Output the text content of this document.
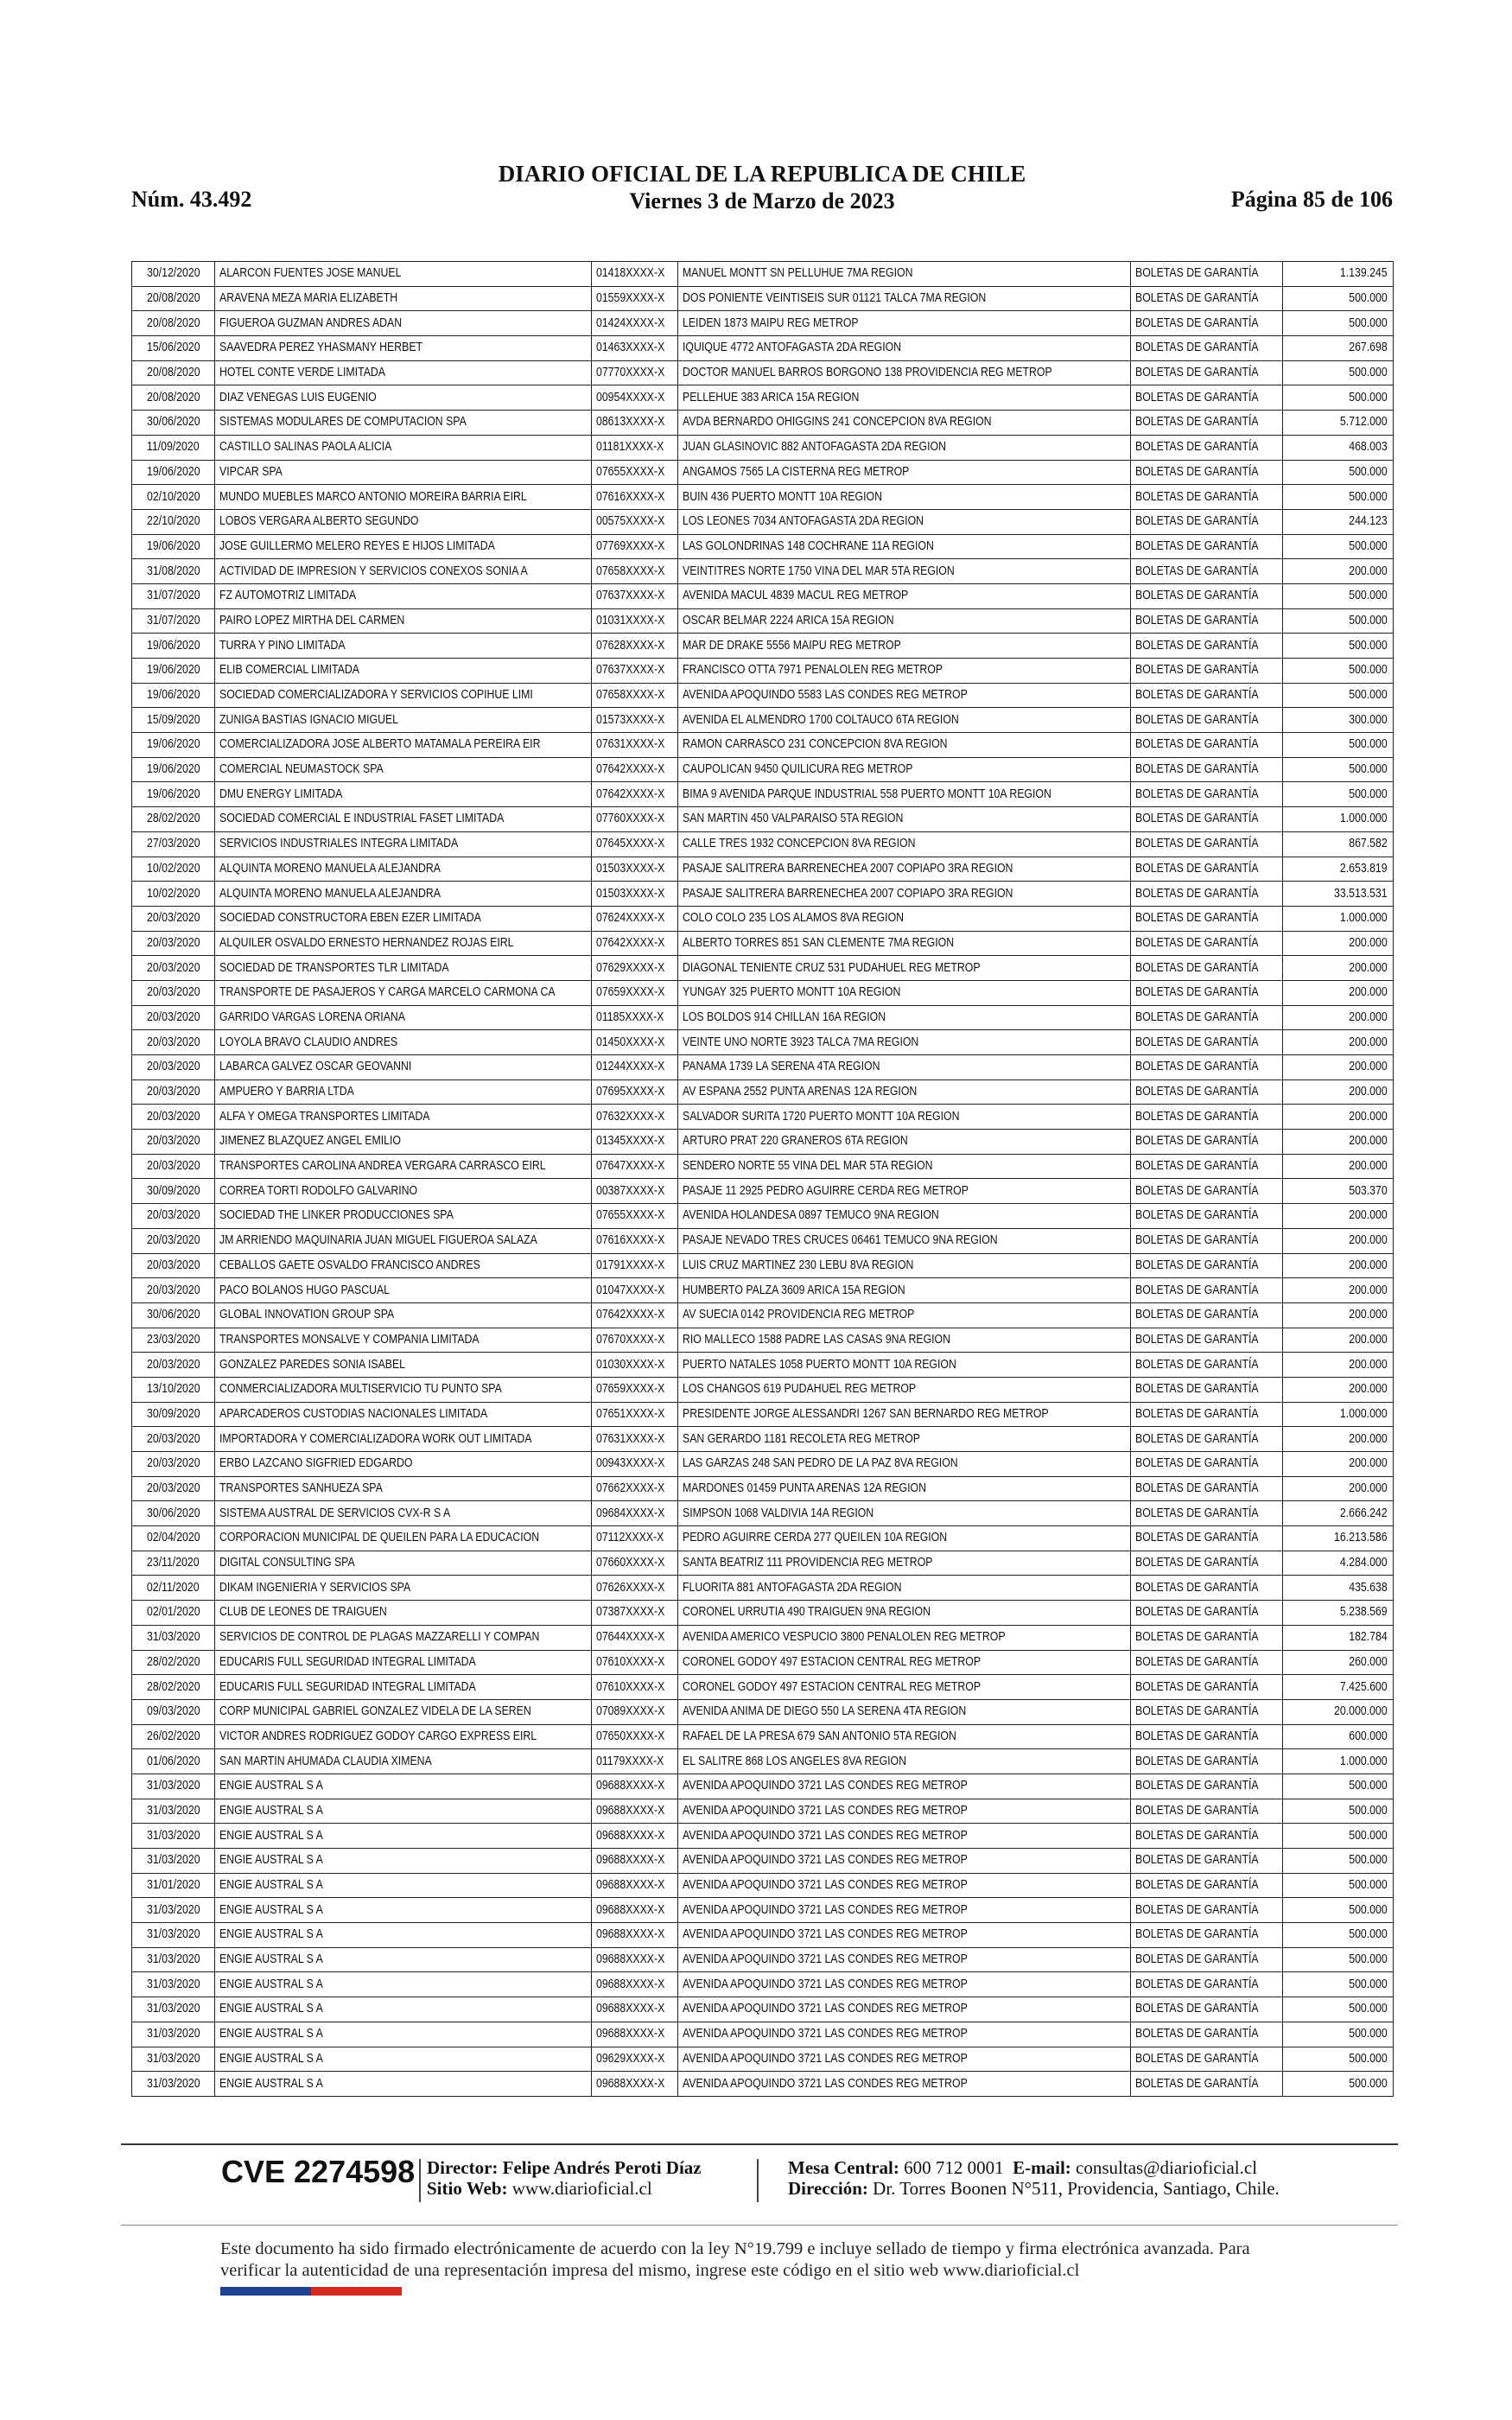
Núm. 43.492
DIARIO OFICIAL DE LA REPUBLICA DE CHILE
Viernes 3 de Marzo de 2023	Página 85 de 106
30/12/2020	ALARCON FUENTES JOSE MANUEL	01418XXXX-X	MANUEL MONTT SN PELLUHUE 7MA REGION	BOLETAS DE GARANTÍA	1.139.245
20/08/2020	ARAVENA MEZA MARIA ELIZABETH	01559XXXX-X	DOS PONIENTE VEINTISEIS SUR 01121 TALCA 7MA REGION	BOLETAS DE GARANTÍA	500.000
20/08/2020	FIGUEROA GUZMAN ANDRES ADAN	01424XXXX-X	LEIDEN 1873 MAIPU REG METROP	BOLETAS DE GARANTÍA	500.000
15/06/2020	SAAVEDRA PEREZ YHASMANY HERBET	01463XXXX-X	IQUIQUE 4772 ANTOFAGASTA 2DA REGION	BOLETAS DE GARANTÍA	267.698
20/08/2020	HOTEL CONTE VERDE LIMITADA	07770XXXX-X	DOCTOR MANUEL BARROS BORGONO 138 PROVIDENCIA REG METROP	BOLETAS DE GARANTÍA	500.000
20/08/2020	DIAZ VENEGAS LUIS EUGENIO	00954XXXX-X	PELLEHUE 383 ARICA 15A REGION	BOLETAS DE GARANTÍA	500.000
30/06/2020	SISTEMAS MODULARES DE COMPUTACION SPA	08613XXXX-X	AVDA BERNARDO OHIGGINS 241 CONCEPCION 8VA REGION	BOLETAS DE GARANTÍA	5.712.000
11/09/2020	CASTILLO SALINAS PAOLA ALICIA	01181XXXX-X	JUAN GLASINOVIC 882 ANTOFAGASTA 2DA REGION	BOLETAS DE GARANTÍA	468.003
19/06/2020	VIPCAR SPA	07655XXXX-X	ANGAMOS 7565 LA CISTERNA REG METROP	BOLETAS DE GARANTÍA	500.000
02/10/2020	MUNDO MUEBLES MARCO ANTONIO MOREIRA BARRIA EIRL	07616XXXX-X	BUIN 436 PUERTO MONTT 10A REGION	BOLETAS DE GARANTÍA	500.000
22/10/2020	LOBOS VERGARA ALBERTO SEGUNDO	00575XXXX-X	LOS LEONES 7034 ANTOFAGASTA 2DA REGION	BOLETAS DE GARANTÍA	244.123
19/06/2020	JOSE GUILLERMO MELERO REYES E HIJOS LIMITADA	07769XXXX-X	LAS GOLONDRINAS 148 COCHRANE 11A REGION	BOLETAS DE GARANTÍA	500.000
31/08/2020	ACTIVIDAD DE IMPRESION Y SERVICIOS CONEXOS SONIA A	07658XXXX-X	VEINTITRES NORTE 1750 VINA DEL MAR 5TA REGION	BOLETAS DE GARANTÍA	200.000
31/07/2020	FZ AUTOMOTRIZ LIMITADA	07637XXXX-X	AVENIDA MACUL 4839 MACUL REG METROP	BOLETAS DE GARANTÍA	500.000
31/07/2020	PAIRO LOPEZ MIRTHA DEL CARMEN	01031XXXX-X	OSCAR BELMAR 2224 ARICA 15A REGION	BOLETAS DE GARANTÍA	500.000
19/06/2020	TURRA Y PINO LIMITADA	07628XXXX-X	MAR DE DRAKE 5556 MAIPU REG METROP	BOLETAS DE GARANTÍA	500.000
19/06/2020	ELIB COMERCIAL LIMITADA	07637XXXX-X	FRANCISCO OTTA 7971 PENALOLEN REG METROP	BOLETAS DE GARANTÍA	500.000
19/06/2020	SOCIEDAD COMERCIALIZADORA Y SERVICIOS COPIHUE LIMI	07658XXXX-X	AVENIDA APOQUINDO 5583 LAS CONDES REG METROP	BOLETAS DE GARANTÍA	500.000
15/09/2020	ZUNIGA BASTIAS IGNACIO MIGUEL	01573XXXX-X	AVENIDA EL ALMENDRO 1700 COLTAUCO 6TA REGION	BOLETAS DE GARANTÍA	300.000
19/06/2020	COMERCIALIZADORA JOSE ALBERTO MATAMALA PEREIRA EIR	07631XXXX-X	RAMON CARRASCO 231 CONCEPCION 8VA REGION	BOLETAS DE GARANTÍA	500.000
19/06/2020	COMERCIAL NEUMASTOCK SPA	07642XXXX-X	CAUPOLICAN 9450 QUILICURA REG METROP	BOLETAS DE GARANTÍA	500.000
19/06/2020	DMU ENERGY LIMITADA	07642XXXX-X	BIMA 9 AVENIDA PARQUE INDUSTRIAL 558 PUERTO MONTT 10A REGION	BOLETAS DE GARANTÍA	500.000
28/02/2020	SOCIEDAD COMERCIAL E INDUSTRIAL FASET LIMITADA	07760XXXX-X	SAN MARTIN 450 VALPARAISO 5TA REGION	BOLETAS DE GARANTÍA	1.000.000
27/03/2020	SERVICIOS INDUSTRIALES INTEGRA LIMITADA	07645XXXX-X	CALLE TRES 1932 CONCEPCION 8VA REGION	BOLETAS DE GARANTÍA	867.582
10/02/2020	ALQUINTA MORENO MANUELA ALEJANDRA	01503XXXX-X	PASAJE SALITRERA BARRENECHEA 2007 COPIAPO 3RA REGION	BOLETAS DE GARANTÍA	2.653.819
10/02/2020	ALQUINTA MORENO MANUELA ALEJANDRA	01503XXXX-X	PASAJE SALITRERA BARRENECHEA 2007 COPIAPO 3RA REGION	BOLETAS DE GARANTÍA	33.513.531
20/03/2020	SOCIEDAD CONSTRUCTORA EBEN EZER LIMITADA	07624XXXX-X	COLO COLO 235 LOS ALAMOS 8VA REGION	BOLETAS DE GARANTÍA	1.000.000
20/03/2020	ALQUILER OSVALDO ERNESTO HERNANDEZ ROJAS EIRL	07642XXXX-X	ALBERTO TORRES 851 SAN CLEMENTE 7MA REGION	BOLETAS DE GARANTÍA	200.000
20/03/2020	SOCIEDAD DE TRANSPORTES TLR LIMITADA	07629XXXX-X	DIAGONAL TENIENTE CRUZ 531 PUDAHUEL REG METROP	BOLETAS DE GARANTÍA	200.000
20/03/2020	TRANSPORTE DE PASAJEROS Y CARGA MARCELO CARMONA CA	07659XXXX-X	YUNGAY 325 PUERTO MONTT 10A REGION	BOLETAS DE GARANTÍA	200.000
20/03/2020	GARRIDO VARGAS LORENA ORIANA	01185XXXX-X	LOS BOLDOS 914 CHILLAN 16A REGION	BOLETAS DE GARANTÍA	200.000
20/03/2020	LOYOLA BRAVO CLAUDIO ANDRES	01450XXXX-X	VEINTE UNO NORTE 3923 TALCA 7MA REGION	BOLETAS DE GARANTÍA	200.000
20/03/2020	LABARCA GALVEZ OSCAR GEOVANNI	01244XXXX-X	PANAMA 1739 LA SERENA 4TA REGION	BOLETAS DE GARANTÍA	200.000
20/03/2020	AMPUERO Y BARRIA LTDA	07695XXXX-X	AV ESPANA 2552 PUNTA ARENAS 12A REGION	BOLETAS DE GARANTÍA	200.000
20/03/2020	ALFA Y OMEGA TRANSPORTES LIMITADA	07632XXXX-X	SALVADOR SURITA 1720 PUERTO MONTT 10A REGION	BOLETAS DE GARANTÍA	200.000
20/03/2020	JIMENEZ BLAZQUEZ ANGEL EMILIO	01345XXXX-X	ARTURO PRAT 220 GRANEROS 6TA REGION	BOLETAS DE GARANTÍA	200.000
20/03/2020	TRANSPORTES CAROLINA ANDREA VERGARA CARRASCO EIRL	07647XXXX-X	SENDERO NORTE 55 VINA DEL MAR 5TA REGION	BOLETAS DE GARANTÍA	200.000
30/09/2020	CORREA TORTI RODOLFO GALVARINO	00387XXXX-X	PASAJE 11 2925 PEDRO AGUIRRE CERDA REG METROP	BOLETAS DE GARANTÍA	503.370
20/03/2020	SOCIEDAD THE LINKER PRODUCCIONES SPA	07655XXXX-X	AVENIDA HOLANDESA 0897 TEMUCO 9NA REGION	BOLETAS DE GARANTÍA	200.000
20/03/2020	JM ARRIENDO MAQUINARIA JUAN MIGUEL FIGUEROA SALAZA	07616XXXX-X	PASAJE NEVADO TRES CRUCES 06461 TEMUCO 9NA REGION	BOLETAS DE GARANTÍA	200.000
20/03/2020	CEBALLOS GAETE OSVALDO FRANCISCO ANDRES	01791XXXX-X	LUIS CRUZ MARTINEZ 230 LEBU 8VA REGION	BOLETAS DE GARANTÍA	200.000
20/03/2020	PACO BOLANOS HUGO PASCUAL	01047XXXX-X	HUMBERTO PALZA 3609 ARICA 15A REGION	BOLETAS DE GARANTÍA	200.000
30/06/2020	GLOBAL INNOVATION GROUP SPA	07642XXXX-X	AV SUECIA 0142 PROVIDENCIA REG METROP	BOLETAS DE GARANTÍA	200.000
23/03/2020	TRANSPORTES MONSALVE Y COMPANIA LIMITADA	07670XXXX-X	RIO MALLECO 1588 PADRE LAS CASAS 9NA REGION	BOLETAS DE GARANTÍA	200.000
20/03/2020	GONZALEZ PAREDES SONIA ISABEL	01030XXXX-X	PUERTO NATALES 1058 PUERTO MONTT 10A REGION	BOLETAS DE GARANTÍA	200.000
13/10/2020	CONMERCIALIZADORA MULTISERVICIO TU PUNTO SPA	07659XXXX-X	LOS CHANGOS 619 PUDAHUEL REG METROP	BOLETAS DE GARANTÍA	200.000
30/09/2020	APARCADEROS CUSTODIAS NACIONALES LIMITADA	07651XXXX-X	PRESIDENTE JORGE ALESSANDRI 1267 SAN BERNARDO REG METROP	BOLETAS DE GARANTÍA	1.000.000
20/03/2020	IMPORTADORA Y COMERCIALIZADORA WORK OUT LIMITADA	07631XXXX-X	SAN GERARDO 1181 RECOLETA REG METROP	BOLETAS DE GARANTÍA	200.000
20/03/2020	ERBO LAZCANO SIGFRIED EDGARDO	00943XXXX-X	LAS GARZAS 248 SAN PEDRO DE LA PAZ 8VA REGION	BOLETAS DE GARANTÍA	200.000
20/03/2020	TRANSPORTES SANHUEZA SPA	07662XXXX-X	MARDONES 01459 PUNTA ARENAS 12A REGION	BOLETAS DE GARANTÍA	200.000
30/06/2020	SISTEMA AUSTRAL DE SERVICIOS CVX-R S A	09684XXXX-X	SIMPSON 1068 VALDIVIA 14A REGION	BOLETAS DE GARANTÍA	2.666.242
02/04/2020	CORPORACION MUNICIPAL DE QUEILEN PARA LA EDUCACION	07112XXXX-X	PEDRO AGUIRRE CERDA 277 QUEILEN 10A REGION	BOLETAS DE GARANTÍA	16.213.586
23/11/2020	DIGITAL CONSULTING SPA	07660XXXX-X	SANTA BEATRIZ 111 PROVIDENCIA REG METROP	BOLETAS DE GARANTÍA	4.284.000
02/11/2020	DIKAM INGENIERIA Y SERVICIOS SPA	07626XXXX-X	FLUORITA 881 ANTOFAGASTA 2DA REGION	BOLETAS DE GARANTÍA	435.638
02/01/2020	CLUB DE LEONES DE TRAIGUEN	07387XXXX-X	CORONEL URRUTIA 490 TRAIGUEN 9NA REGION	BOLETAS DE GARANTÍA	5.238.569
31/03/2020	SERVICIOS DE CONTROL DE PLAGAS MAZZARELLI Y COMPAN	07644XXXX-X	AVENIDA AMERICO VESPUCIO 3800 PENALOLEN REG METROP	BOLETAS DE GARANTÍA	182.784
28/02/2020	EDUCARIS FULL SEGURIDAD INTEGRAL LIMITADA	07610XXXX-X	CORONEL GODOY 497 ESTACION CENTRAL REG METROP	BOLETAS DE GARANTÍA	260.000
28/02/2020	EDUCARIS FULL SEGURIDAD INTEGRAL LIMITADA	07610XXXX-X	CORONEL GODOY 497 ESTACION CENTRAL REG METROP	BOLETAS DE GARANTÍA	7.425.600
09/03/2020	CORP MUNICIPAL GABRIEL GONZALEZ VIDELA DE LA SEREN	07089XXXX-X	AVENIDA ANIMA DE DIEGO 550 LA SERENA 4TA REGION	BOLETAS DE GARANTÍA	20.000.000
26/02/2020	VICTOR ANDRES RODRIGUEZ GODOY CARGO EXPRESS EIRL	07650XXXX-X	RAFAEL DE LA PRESA 679 SAN ANTONIO 5TA REGION	BOLETAS DE GARANTÍA	600.000
01/06/2020	SAN MARTIN AHUMADA CLAUDIA XIMENA	01179XXXX-X	EL SALITRE 868 LOS ANGELES 8VA REGION	BOLETAS DE GARANTÍA	1.000.000
31/03/2020	ENGIE AUSTRAL S A	09688XXXX-X	AVENIDA APOQUINDO 3721 LAS CONDES REG METROP	BOLETAS DE GARANTÍA	500.000
31/03/2020	ENGIE AUSTRAL S A	09688XXXX-X	AVENIDA APOQUINDO 3721 LAS CONDES REG METROP	BOLETAS DE GARANTÍA	500.000
31/03/2020	ENGIE AUSTRAL S A	09688XXXX-X	AVENIDA APOQUINDO 3721 LAS CONDES REG METROP	BOLETAS DE GARANTÍA	500.000
31/03/2020	ENGIE AUSTRAL S A	09688XXXX-X	AVENIDA APOQUINDO 3721 LAS CONDES REG METROP	BOLETAS DE GARANTÍA	500.000
31/01/2020	ENGIE AUSTRAL S A	09688XXXX-X	AVENIDA APOQUINDO 3721 LAS CONDES REG METROP	BOLETAS DE GARANTÍA	500.000
31/03/2020	ENGIE AUSTRAL S A	09688XXXX-X	AVENIDA APOQUINDO 3721 LAS CONDES REG METROP	BOLETAS DE GARANTÍA	500.000
31/03/2020	ENGIE AUSTRAL S A	09688XXXX-X	AVENIDA APOQUINDO 3721 LAS CONDES REG METROP	BOLETAS DE GARANTÍA	500.000
31/03/2020	ENGIE AUSTRAL S A	09688XXXX-X	AVENIDA APOQUINDO 3721 LAS CONDES REG METROP	BOLETAS DE GARANTÍA	500.000
31/03/2020	ENGIE AUSTRAL S A	09688XXXX-X	AVENIDA APOQUINDO 3721 LAS CONDES REG METROP	BOLETAS DE GARANTÍA	500.000
31/03/2020	ENGIE AUSTRAL S A	09688XXXX-X	AVENIDA APOQUINDO 3721 LAS CONDES REG METROP	BOLETAS DE GARANTÍA	500.000
31/03/2020	ENGIE AUSTRAL S A	09688XXXX-X	AVENIDA APOQUINDO 3721 LAS CONDES REG METROP	BOLETAS DE GARANTÍA	500.000
31/03/2020	ENGIE AUSTRAL S A	09629XXXX-X	AVENIDA APOQUINDO 3721 LAS CONDES REG METROP	BOLETAS DE GARANTÍA	500.000
31/03/2020	ENGIE AUSTRAL S A	09688XXXX-X	AVENIDA APOQUINDO 3721 LAS CONDES REG METROP	BOLETAS DE GARANTÍA	500.000
CVE 2274598 Director: Felipe Andrés Peroti Díaz
Sitio Web: www.diarioficial.cl
Mesa Central: 600 712 0001 E-mail: consultas@diarioficial.cl
Dirección: Dr. Torres Boonen N°511, Providencia, Santiago, Chile.
Este documento ha sido firmado electrónicamente de acuerdo con la ley N°19.799 e incluye sellado de tiempo y firma electrónica avanzada. Para verificar la autenticidad de una representación impresa del mismo, ingrese este código en el sitio web www.diarioficial.cl
